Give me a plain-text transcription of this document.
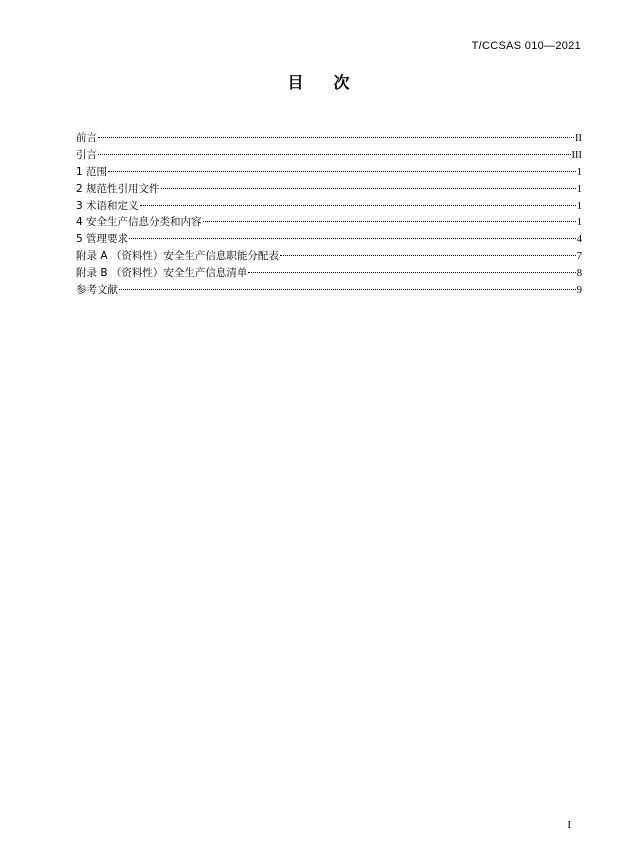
T/CCSAS 010—2021
目 次
前言	II
引言	III
1 范围	1
2 规范性引用文件	1
3 术语和定义	1
4 安全生产信息分类和内容	1
5 管理要求	4
附录 A （资料性）安全生产信息职能分配表	7
附录 B （资料性）安全生产信息清单	8
参考文献	9
I
